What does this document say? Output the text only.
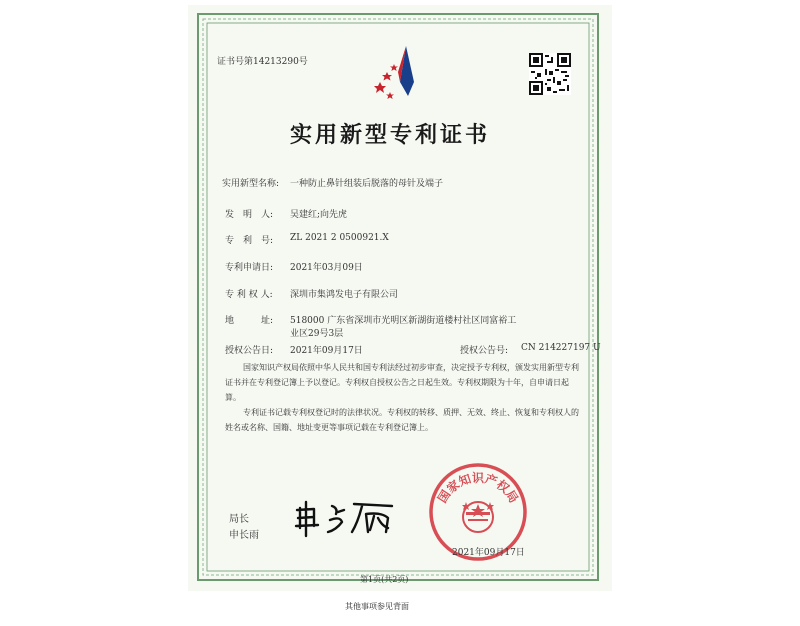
证书号第14213290号
实用新型专利证书
实用新型名称: 一种防止鼻针组装后脱落的母针及端子
发　明　人: 吴建红;向先虎
专　利　号: ZL 2021 2 0500921.X
专利申请日: 2021年03月09日
专 利 权 人: 深圳市集鸿发电子有限公司
地　　　址: 518000 广东省深圳市光明区新湖街道楼村社区同富裕工
业区29号3层
授权公告日: 2021年09月17日	授权公告号: CN 214227197 U
国家知识产权局依照中华人民共和国专利法经过初步审查，决定授予专利权，颁发实用新型专利证书并在专利登记簿上予以登记。专利权自授权公告之日起生效。专利权期限为十年，自申请日起算。
专利证书记载专利权登记时的法律状况。专利权的转移、质押、无效、终止、恢复和专利权人的姓名或名称、国籍、地址变更等事项记载在专利登记簿上。
局长
申长雨
国家知识产权局
2021年09月17日
第1页(共2页)
其他事项参见背面
